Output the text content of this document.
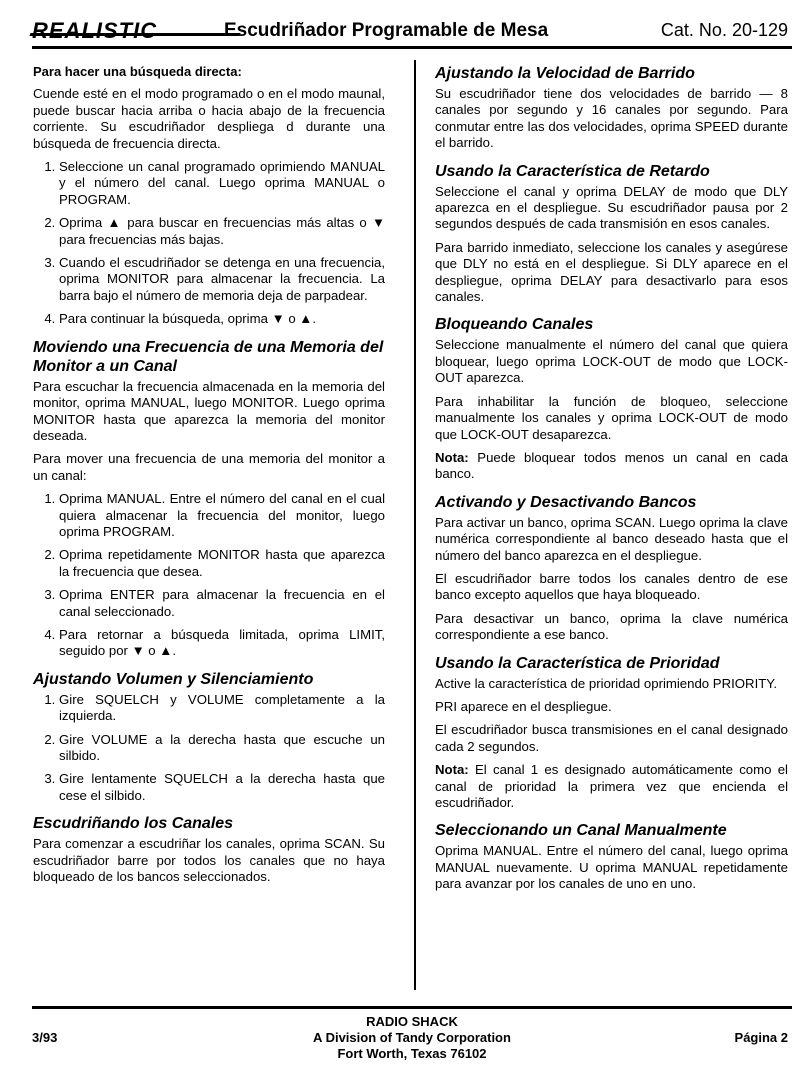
REALISTIC	Escudriñador Programable de Mesa	Cat. No. 20-129
Para hacer una búsqueda directa:

Cuende esté en el modo programado o en el modo maunal, puede buscar hacia arriba o hacia abajo de la frecuencia corriente. Su escudriñador despliega d durante una búsqueda de frecuencia directa.

1. Seleccione un canal programado oprimiendo MANUAL y el número del canal. Luego oprima MANUAL o PROGRAM.
2. Oprima ▲ para buscar en frecuencias más altas o ▼ para frecuencias más bajas.
3. Cuando el escudriñador se detenga en una frecuencia, oprima MONITOR para almacenar la frecuencia. La barra bajo el número de memoria deja de parpadear.
4. Para continuar la búsqueda, oprima ▼ o ▲.
Moviendo una Frecuencia de una Memoria del Monitor a un Canal

Para escuchar la frecuencia almacenada en la memoria del monitor, oprima MANUAL, luego MONITOR. Luego oprima MONITOR hasta que aparezca la memoria del monitor deseada.

Para mover una frecuencia de una memoria del monitor a un canal:

1. Oprima MANUAL. Entre el número del canal en el cual quiera almacenar la frecuencia del monitor, luego oprima PROGRAM.
2. Oprima repetidamente MONITOR hasta que aparezca la frecuencia que desea.
3. Oprima ENTER para almacenar la frecuencia en el canal seleccionado.
4. Para retornar a búsqueda limitada, oprima LIMIT, seguido por ▼ o ▲.
Ajustando Volumen y Silenciamiento
1. Gire SQUELCH y VOLUME completamente a la izquierda.
2. Gire VOLUME a la derecha hasta que escuche un silbido.
3. Gire lentamente SQUELCH a la derecha hasta que cese el silbido.
Escudriñando los Canales

Para comenzar a escudriñar los canales, oprima SCAN. Su escudriñador barre por todos los canales que no haya bloqueado de los bancos seleccionados.

Ajustando la Velocidad de Barrido

Su escudriñador tiene dos velocidades de barrido — 8 canales por segundo y 16 canales por segundo. Para conmutar entre las dos velocidades, oprima SPEED durante el barrido.

Usando la Característica de Retardo

Seleccione el canal y oprima DELAY de modo que DLY aparezca en el despliegue. Su escudriñador pausa por 2 segundos después de cada transmisión en esos canales.

Para barrido inmediato, seleccione los canales y asegúrese que DLY no está en el despliegue. Si DLY aparece en el despliegue, oprima DELAY para desactivarlo para esos canales.

Bloqueando Canales

Seleccione manualmente el número del canal que quiera bloquear, luego oprima LOCK-OUT de modo que LOCK-OUT aparezca.

Para inhabilitar la función de bloqueo, seleccione manualmente los canales y oprima LOCK-OUT de modo que LOCK-OUT desaparezca.

Nota: Puede bloquear todos menos un canal en cada banco.

Activando y Desactivando Bancos

Para activar un banco, oprima SCAN. Luego oprima la clave numérica correspondiente al banco deseado hasta que el número del banco aparezca en el despliegue.

El escudriñador barre todos los canales dentro de ese banco excepto aquellos que haya bloqueado.

Para desactivar un banco, oprima la clave numérica correspondiente a ese banco.

Usando la Característica de Prioridad

Active la característica de prioridad oprimiendo PRIORITY.

PRI aparece en el despliegue.

El escudriñador busca transmisiones en el canal designado cada 2 segundos.

Nota: El canal 1 es designado automáticamente como el canal de prioridad la primera vez que encienda el escudriñador.

Seleccionando un Canal Manualmente

Oprima MANUAL. Entre el número del canal, luego oprima MANUAL nuevamente. U oprima MANUAL repetidamente para avanzar por los canales de uno en uno.

RADIO SHACK
A Division of Tandy Corporation
Fort Worth, Texas 76102
3/93	Página 2
